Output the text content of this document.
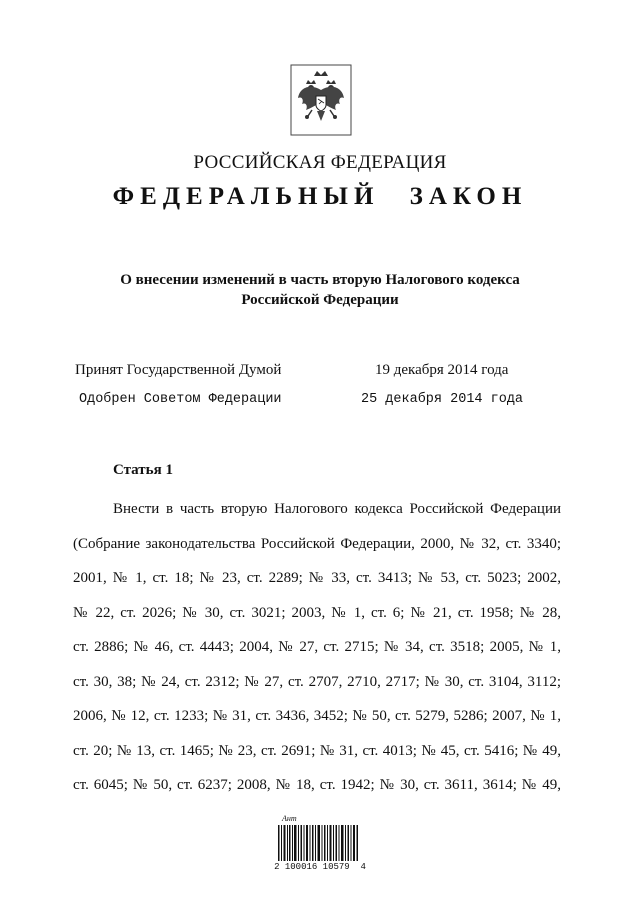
РОССИЙСКАЯ ФЕДЕРАЦИЯ
ФЕДЕРАЛЬНЫЙ ЗАКОН
О внесении изменений в часть вторую Налогового кодекса
Российской Федерации
Принят Государственной Думой	19 декабря 2014 года
Одобрен Советом Федерации	25 декабря 2014 года
Статья 1
Внести в часть вторую Налогового кодекса Российской Федерации
(Собрание законодательства Российской Федерации, 2000, № 32, ст. 3340;
2001, № 1, ст. 18; № 23, ст. 2289; № 33, ст. 3413; № 53, ст. 5023; 2002,
№ 22, ст. 2026; № 30, ст. 3021; 2003, № 1, ст. 6; № 21, ст. 1958; № 28,
ст. 2886; № 46, ст. 4443; 2004, № 27, ст. 2715; № 34, ст. 3518; 2005, № 1,
ст. 30, 38; № 24, ст. 2312; № 27, ст. 2707, 2710, 2717; № 30, ст. 3104, 3112;
2006, № 12, ст. 1233; № 31, ст. 3436, 3452; № 50, ст. 5279, 5286; 2007, № 1,
ст. 20; № 13, ст. 1465; № 23, ст. 2691; № 31, ст. 4013; № 45, ст. 5416; № 49,
ст. 6045; № 50, ст. 6237; 2008, № 18, ст. 1942; № 30, ст. 3611, 3614; № 49,
Ант
2 100016 10579  4
